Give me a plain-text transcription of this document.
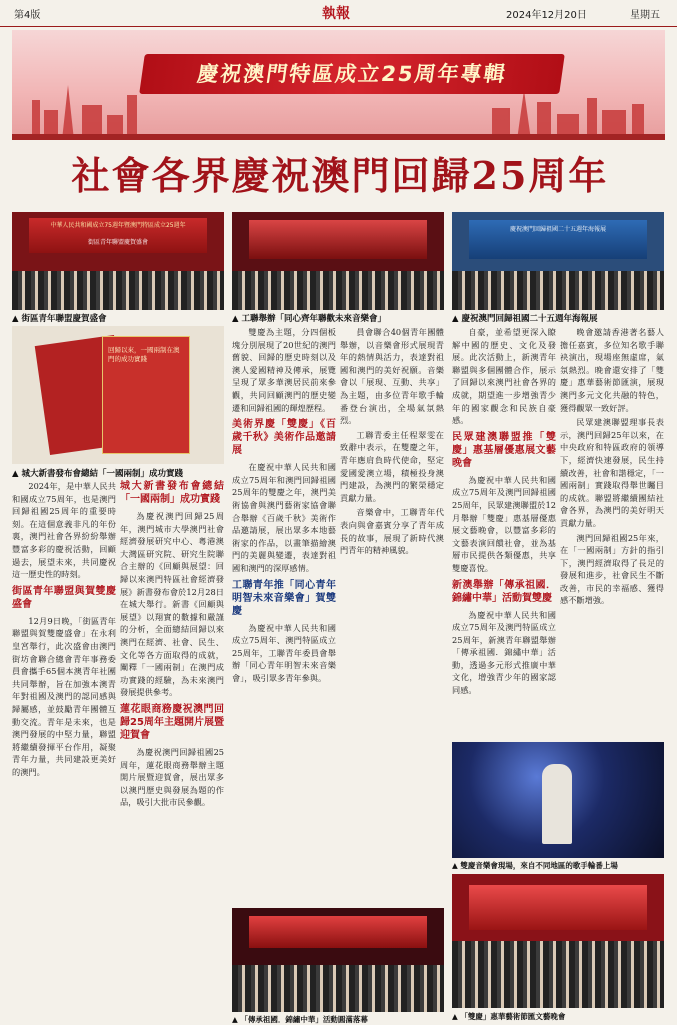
第4版	執報	2024年12月20日	星期五
慶祝澳門特區成立25周年專輯
社會各界慶祝澳門回歸25周年
中華人民共和國成立75週年暨澳門特區成立25週年
街區青年聯盟慶賀盛會
▲ 街區青年聯盟慶賀盛會	▲ 工聯舉辦「同心齊年聯歡未來音樂會」
慶祝澳門回歸祖國二十五週年海報展
▲ 慶祝澳門回歸祖國二十五週年海報展
回歸以來，一國兩制在澳門的成功實踐
▲ 城大新書發布會總結「一國兩制」成功實踐

2024年，是中華人民共和國成立75周年，也是澳門回歸祖國25周年的重要時刻。在這個意義非凡的年份裏，澳門社會各界紛紛舉辦豐富多彩的慶祝活動，回顧過去，展望未來，共同慶祝這一歷史性的時刻。

街區青年聯盟與賀雙慶盛會

12月9日晚，「街區青年聯盟與賀雙慶盛會」在永利皇宮舉行，此次盛會由澳門街坊會聯合總會青年事務委員會攜手65個本澳青年社團共同舉辦，旨在加強本澳青年對祖國及澳門的認同感與歸屬感，並鼓勵青年團體互動交流。青年是未來，也是澳門發展的中堅力量，聯盟將繼續發揮平台作用，凝聚青年力量，共同建設更美好的澳門。

城大新書發布會總結「一國兩制」成功實踐

為慶祝澳門回歸25周年，澳門城市大學澳門社會經濟發展研究中心、粵港澳大灣區研究院、研究生院聯合主辦的《回顧與展望：回歸以來澳門特區社會經濟發展》新書發布會於12月28日在城大舉行。新書《回顧與展望》以翔實的數據和嚴謹的分析，全面總結回歸以來澳門在經濟、社會、民生、文化等各方面取得的成就，闡釋「一國兩制」在澳門成功實踐的經驗，為未來澳門發展提供參考。

蓮花眼商務慶祝澳門回歸25周年主題開片展暨迎賀會

為慶祝澳門回歸祖國25周年，蓮花眼商務舉辦主題開片展暨迎賀會，展出眾多以澳門歷史與發展為題的作品，吸引大批市民參觀。

雙慶為主題，分四個板塊分別展現了20世紀的澳門舊貌、回歸的歷史時刻以及澳人愛國精神及傳承，展覽呈現了眾多華澳居民前來參觀，共同回顧澳門的歷史變遷和回歸祖國的輝煌歷程。

美術界慶「雙慶」《百歲千秋》美術作品邀請展

在慶祝中華人民共和國成立75周年和澳門回歸祖國25周年的雙慶之年，澳門美術協會與澳門藝術家協會聯合舉辦《百歲千秋》美術作品邀請展，展出眾多本地藝術家的作品，以畫筆描繪澳門的美麗與變遷，表達對祖國和澳門的深厚感情。

工聯青年推「同心青年明智未來音樂會」賀雙慶

為慶祝中華人民共和國成立75周年、澳門特區成立25周年，工聯青年委員會舉辦「同心青年明智未來音樂會」，吸引眾多青年參與。

員會聯合40個青年團體舉辦，以音樂會形式展現青年的熱情與活力，表達對祖國和澳門的美好祝願。音樂會以「展現、互動、共享」為主題，由多位青年歌手輪番登台演出，全場氣氛熱烈。

工聯青委主任程翠雯在致辭中表示，在雙慶之年，青年應肩負時代使命，堅定愛國愛澳立場，積極投身澳門建設，為澳門的繁榮穩定貢獻力量。

音樂會中，工聯青年代表向與會嘉賓分享了青年成長的故事，展現了新時代澳門青年的精神風貌。

▲ 「傳承祖國．錦繡中華」活動圓滿落幕

自豪，並希望更深入瞭解中國的歷史、文化及發展。此次活動上，新澳青年聯盟與多個團體合作，展示了回歸以來澳門社會各界的成就，期望進一步增強青少年的國家觀念和民族自豪感。

民眾建澳聯盟推「雙慶」惠基層優惠展文藝晚會

為慶祝中華人民共和國成立75周年及澳門回歸祖國25周年，民眾建澳聯盟於12月舉辦「雙慶」惠基層優惠展文藝晚會，以豐富多彩的文藝表演回饋社會，並為基層市民提供各類優惠，共享雙慶喜悅。

新澳舉辦「傳承祖國．錦繡中華」活動賀雙慶

為慶祝中華人民共和國成立75周年及澳門特區成立25周年，新澳青年聯盟舉辦「傳承祖國．錦繡中華」活動，透過多元形式推廣中華文化，增強青少年的國家認同感。

晚會邀請香港著名藝人擔任嘉賓，多位知名歌手聯袂演出，現場座無虛席，氣氛熱烈。晚會還安排了「雙慶」惠華藝術節匯演，展現澳門多元文化共融的特色，獲得觀眾一致好評。

民眾建澳聯盟理事長表示，澳門回歸25年以來，在中央政府和特區政府的領導下，經濟快速發展，民生持續改善，社會和諧穩定，「一國兩制」實踐取得舉世矚目的成就。聯盟將繼續團結社會各界，為澳門的美好明天貢獻力量。

澳門回歸祖國25年來，在「一國兩制」方針的指引下，澳門經濟取得了長足的發展和進步，社會民生不斷改善，市民的幸福感、獲得感不斷增強。

▲ 雙慶音樂會現場，來自不同地區的歌手輪番上場
▲ 「雙慶」惠華藝術節匯文藝晚會
